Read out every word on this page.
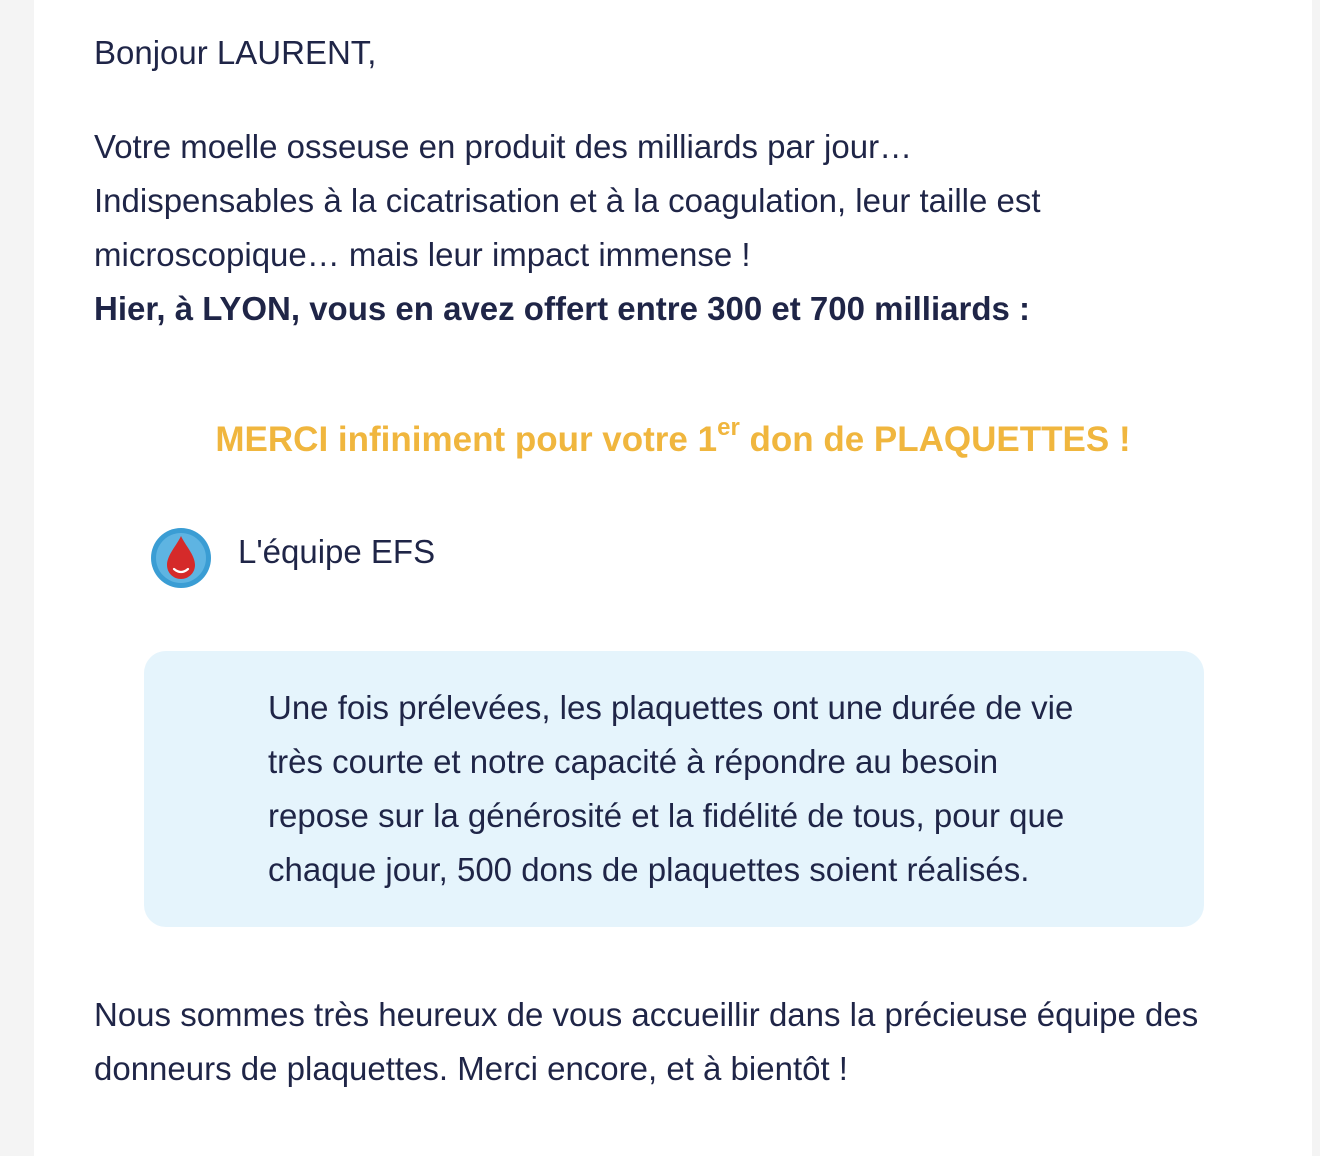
Bonjour LAURENT,

Votre moelle osseuse en produit des milliards par jour…
Indispensables à la cicatrisation et à la coagulation, leur taille est
microscopique… mais leur impact immense !

Hier, à LYON, vous en avez offert entre 300 et 700 milliards :

MERCI infiniment pour votre 1er don de PLAQUETTES !

L'équipe EFS

Une fois prélevées, les plaquettes ont une durée de vie
très courte et notre capacité à répondre au besoin
repose sur la générosité et la fidélité de tous, pour que
chaque jour, 500 dons de plaquettes soient réalisés.

Nous sommes très heureux de vous accueillir dans la précieuse équipe des
donneurs de plaquettes. Merci encore, et à bientôt !
